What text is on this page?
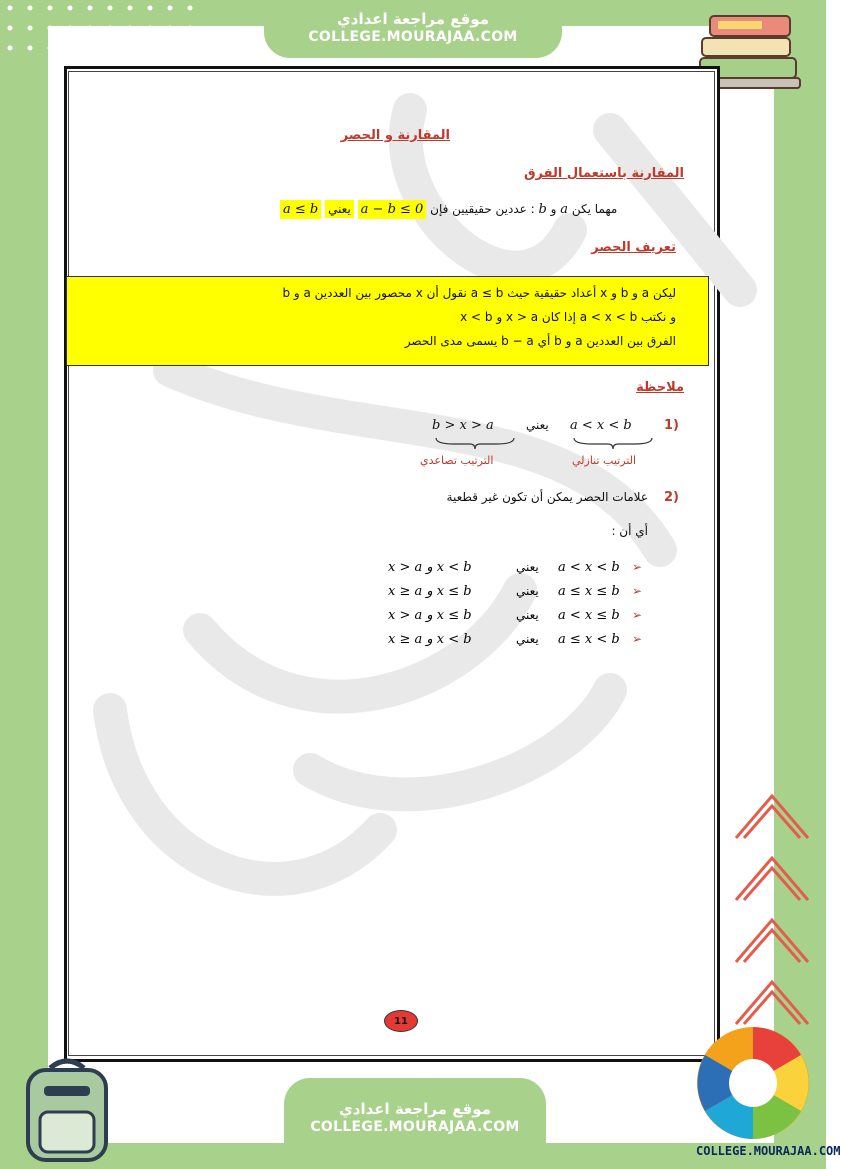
موقع مراجعة اعدادي
COLLEGE.MOURAJAA.COM
المقارنة و الحصر
المقارنة باستعمال الفرق
a ≤ b يعني a − b ≤ 0 عددين حقيقيين فإن : b و a مهما يكن
تعريف الحصر
ليكن a و b و x أعداد حقيقية حيث a ≤ b نقول أن x محصور بين العددين a و b
و نكتب a < x < b إذا كان x > a و x < b
الفرق بين العددين a و b أي b − a يسمى مدى الحصر
ملاحظة
1)
a < x < b
يعني
b > x > a
الترتيب تنازلي
الترتيب تصاعدي
2)
علامات الحصر يمكن أن تكون غير قطعية
أي أن :
➢
a < x < b
يعني
x > a و x < b
➢
a ≤ x ≤ b
يعني
x ≥ a و x ≤ b
➢
a < x ≤ b
يعني
x > a و x ≤ b
➢
a ≤ x < b
يعني
x ≥ a و x < b
11
موقع مراجعة اعدادي
COLLEGE.MOURAJAA.COM
COLLEGE.MOURAJAA.COM
